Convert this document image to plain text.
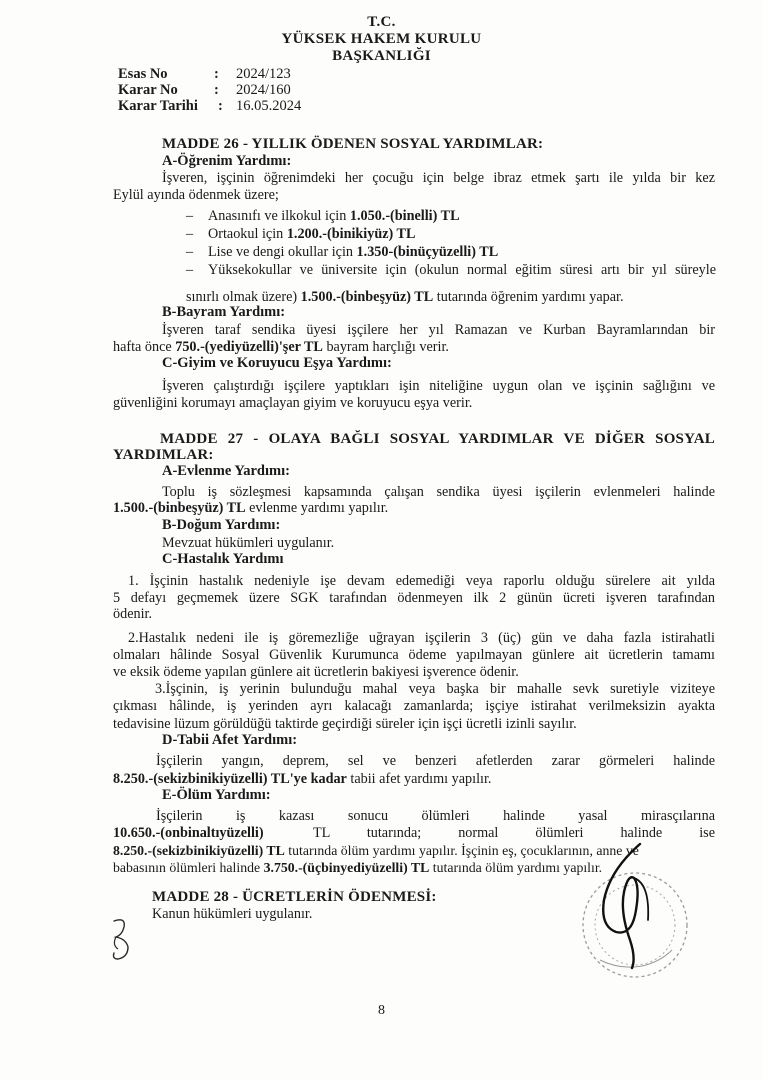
T.C.
YÜKSEK HAKEM KURULU
BAŞKANLIĞI
Esas No	: 2024/123
Karar No	: 2024/160
Karar Tarihi : 16.05.2024
MADDE 26 - YILLIK ÖDENEN SOSYAL YARDIMLAR:
A-Öğrenim Yardımı:
İşveren, işçinin öğrenimdeki her çocuğu için belge ibraz etmek şartı ile yılda bir kez
Eylül ayında ödenmek üzere;
– Anasınıfı ve ilkokul için 1.050.-(binelli) TL
– Ortaokul için 1.200.-(binikiyüz) TL
– Lise ve dengi okullar için 1.350-(binüçyüzelli) TL
– Yüksekokullar ve üniversite için (okulun normal eğitim süresi artı bir yıl süreyle
sınırlı olmak üzere) 1.500.-(binbeşyüz) TL tutarında öğrenim yardımı yapar.
B-Bayram Yardımı:
İşveren taraf sendika üyesi işçilere her yıl Ramazan ve Kurban Bayramlarından bir
hafta önce 750.-(yediyüzelli)'şer TL bayram harçlığı verir.
C-Giyim ve Koruyucu Eşya Yardımı:
İşveren çalıştırdığı işçilere yaptıkları işin niteliğine uygun olan ve işçinin sağlığını ve
güvenliğini korumayı amaçlayan giyim ve koruyucu eşya verir.
MADDE 27 - OLAYA BAĞLI SOSYAL YARDIMLAR VE DİĞER SOSYAL
YARDIMLAR:
A-Evlenme Yardımı:
Toplu iş sözleşmesi kapsamında çalışan sendika üyesi işçilerin evlenmeleri halinde
1.500.-(binbeşyüz) TL evlenme yardımı yapılır.
B-Doğum Yardımı:
Mevzuat hükümleri uygulanır.
C-Hastalık Yardımı
1. İşçinin hastalık nedeniyle işe devam edemediği veya raporlu olduğu sürelere ait yılda
5 defayı geçmemek üzere SGK tarafından ödenmeyen ilk 2 günün ücreti işveren tarafından
ödenir.
2.Hastalık nedeni ile iş göremezliğe uğrayan işçilerin 3 (üç) gün ve daha fazla istirahatli
olmaları hâlinde Sosyal Güvenlik Kurumunca ödeme yapılmayan günlere ait ücretlerin tamamı
ve eksik ödeme yapılan günlere ait ücretlerin bakiyesi işverence ödenir.
3.İşçinin, iş yerinin bulunduğu mahal veya başka bir mahalle sevk suretiyle viziteye
çıkması hâlinde, iş yerinden ayrı kalacağı zamanlarda; işçiye istirahat verilmeksizin ayakta
tedavisine lüzum görüldüğü taktirde geçirdiği süreler için işçi ücretli izinli sayılır.
D-Tabii Afet Yardımı:
İşçilerin yangın, deprem, sel ve benzeri afetlerden zarar görmeleri halinde
8.250.-(sekizbinikiyüzelli) TL'ye kadar tabii afet yardımı yapılır.
E-Ölüm Yardımı:
İşçilerin iş kazası sonucu ölümleri halinde yasal mirasçılarına
10.650.-(onbinaltıyüzelli)	TL tutarında; normal ölümleri halinde ise
8.250.-(sekizbinikiyüzelli) TL tutarında ölüm yardımı yapılır. İşçinin eş, çocuklarının, anne ve
babasının ölümleri halinde 3.750.-(üçbinyediyüzelli) TL tutarında ölüm yardımı yapılır.
MADDE 28 - ÜCRETLERİN ÖDENMESİ:
Kanun hükümleri uygulanır.
8
